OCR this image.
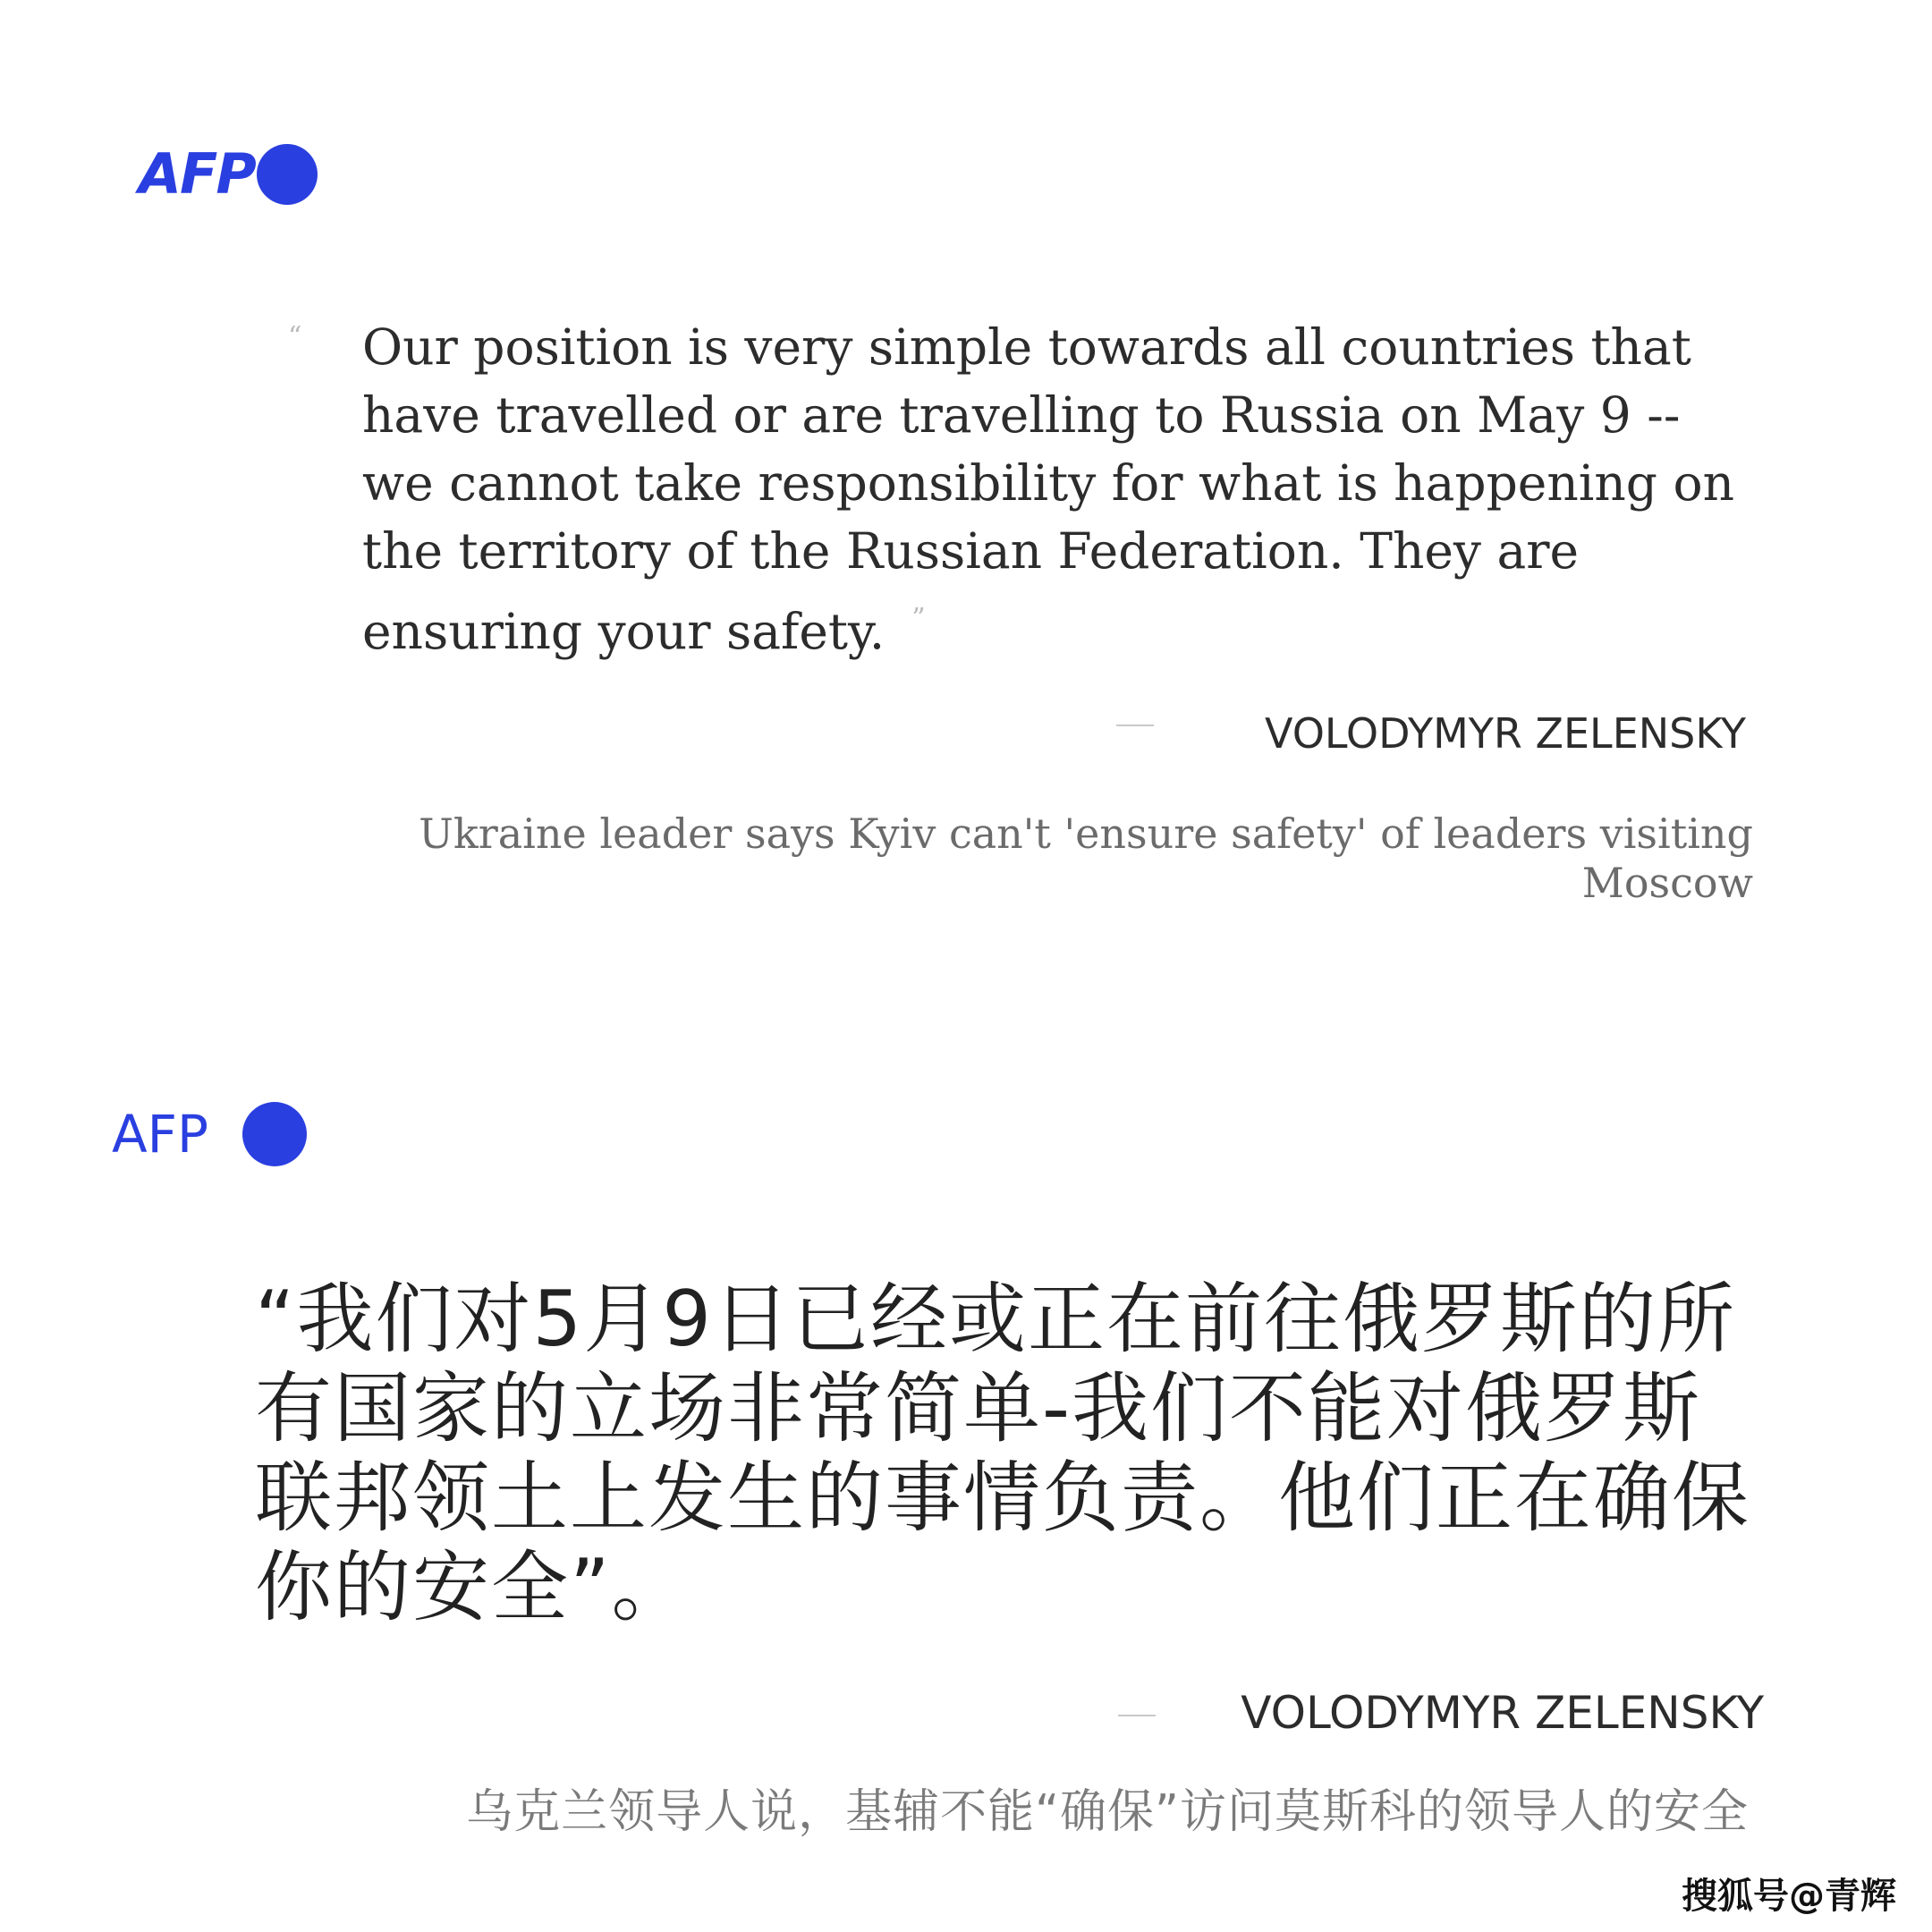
AFP
“ Our position is very simple towards all countries that have travelled or are travelling to Russia on May 9 -- we cannot take responsibility for what is happening on the territory of the Russian Federation. They are ensuring your safety. ”
VOLODYMYR ZELENSKY
Ukraine leader says Kyiv can't 'ensure safety' of leaders visiting Moscow
AFP
“我们对5月9日已经或正在前往俄罗斯的所有国家的立场非常简单-我们不能对俄罗斯联邦领土上发生的事情负责。他们正在确保你的安全”。
VOLODYMYR ZELENSKY
乌克兰领导人说，基辅不能“确保”访问莫斯科的领导人的安全
搜狐号@青辉
